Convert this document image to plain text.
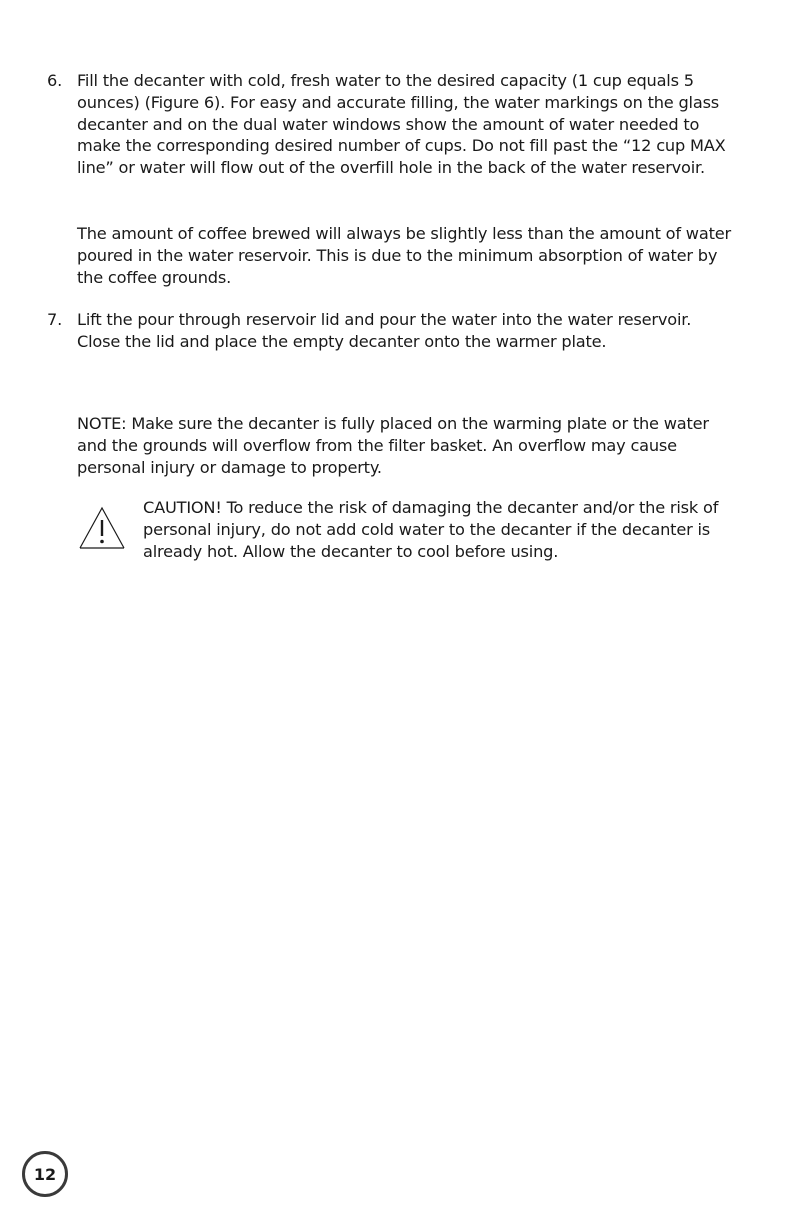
6. Fill the decanter with cold, fresh water to the desired capacity (1 cup equals 5 ounces) (Figure 6). For easy and accurate filling, the water markings on the glass decanter and on the dual water windows show the amount of water needed to make the corresponding desired number of cups. Do not fill past the “12 cup MAX line” or water will flow out of the overfill hole in the back of the water reservoir.
The amount of coffee brewed will always be slightly less than the amount of water poured in the water reservoir. This is due to the minimum absorption of water by the coffee grounds.
7. Lift the pour through reservoir lid and pour the water into the water reservoir. Close the lid and place the empty decanter onto the warmer plate.
NOTE: Make sure the decanter is fully placed on the warming plate or the water and the grounds will overflow from the filter basket. An overflow may cause personal injury or damage to property.
CAUTION! To reduce the risk of damaging the decanter and/or the risk of personal injury, do not add cold water to the decanter if the decanter is already hot. Allow the decanter to cool before using.
12
